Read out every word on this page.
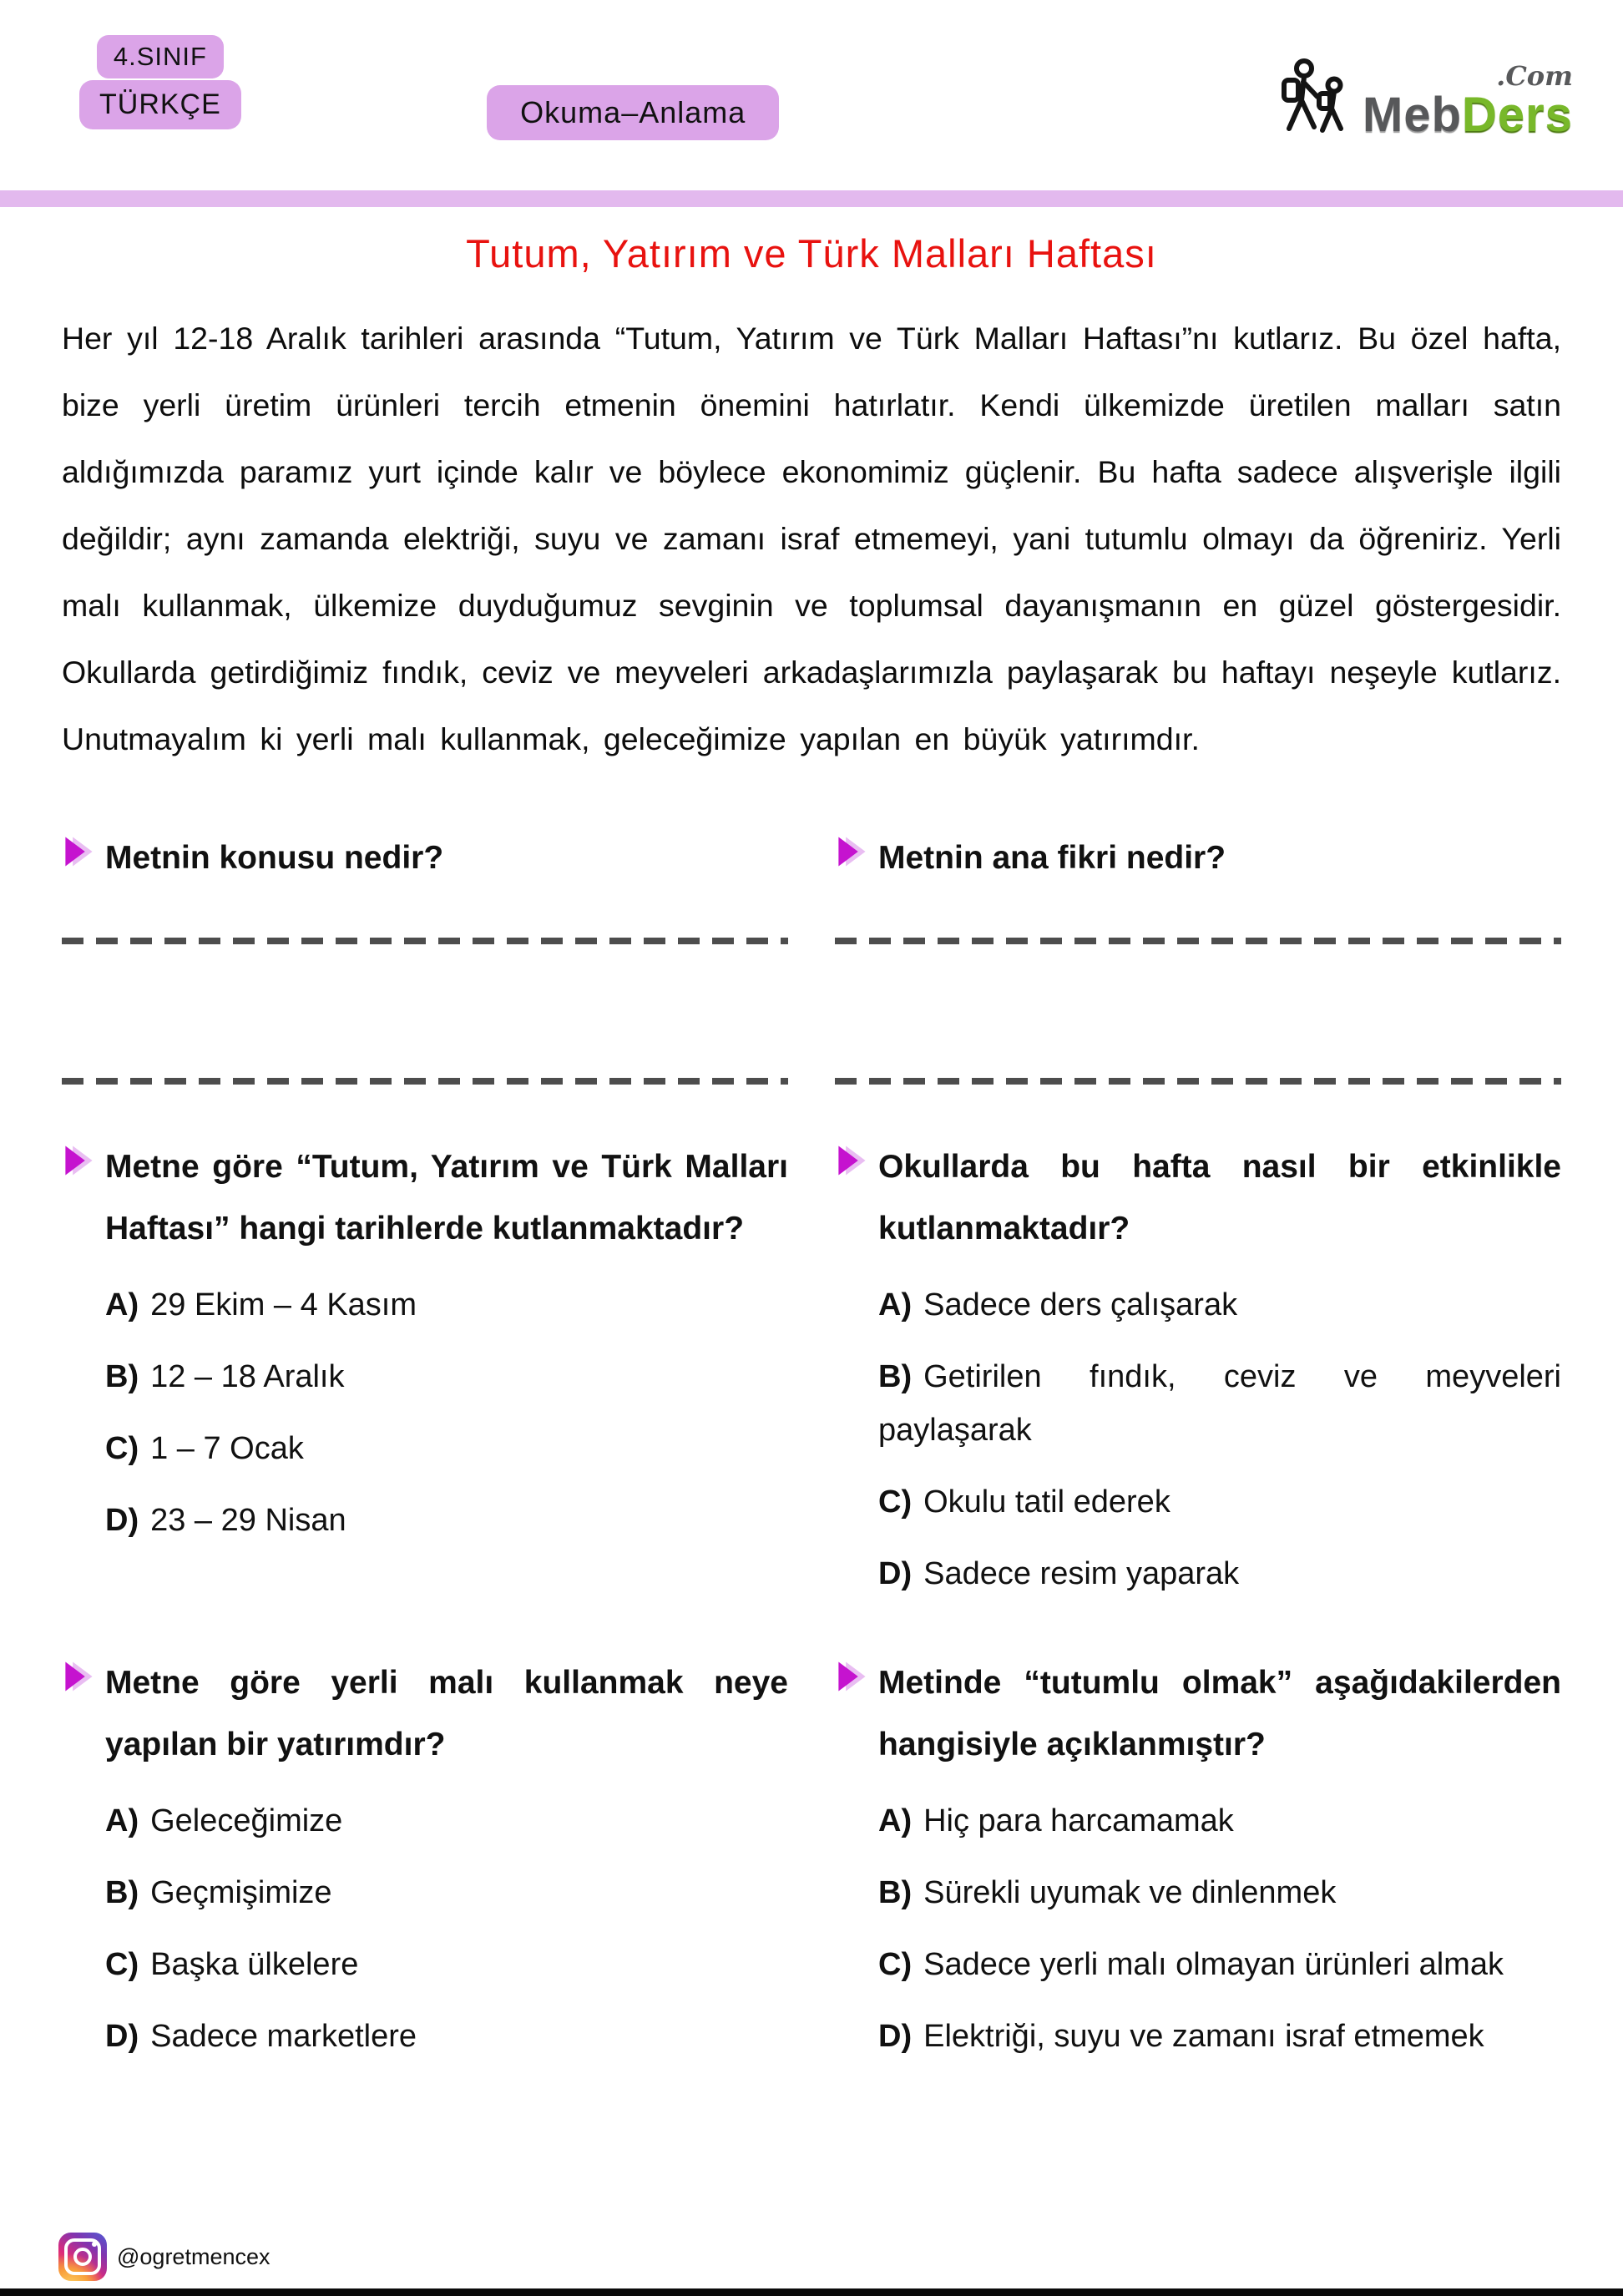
4.SINIF
TÜRKÇE	Okuma–Anlama
.Com
MebDers
Tutum, Yatırım ve Türk Malları Haftası

Her yıl 12-18 Aralık tarihleri arasında “Tutum, Yatırım ve Türk Malları Haftası”nı kutlarız. Bu özel hafta, bize yerli üretim ürünleri tercih etmenin önemini hatırlatır. Kendi ülkemizde üretilen malları satın aldığımızda paramız yurt içinde kalır ve böylece ekonomimiz güçlenir. Bu hafta sadece alışverişle ilgili değildir; aynı zamanda elektriği, suyu ve zamanı israf etmemeyi, yani tutumlu olmayı da öğreniriz. Yerli malı kullanmak, ülkemize duyduğumuz sevginin ve toplumsal dayanışmanın en güzel göstergesidir. Okullarda getirdiğimiz fındık, ceviz ve meyveleri arkadaşlarımızla paylaşarak bu haftayı neşeyle kutlarız. Unutmayalım ki yerli malı kullanmak, geleceğimize yapılan en büyük yatırımdır.

Metnin konusu nedir?	Metnin ana fikri nedir?
Metne göre “Tutum, Yatırım ve Türk Malları Haftası” hangi tarihlerde kutlanmaktadır?
A) 29 Ekim – 4 Kasım
B) 12 – 18 Aralık
C) 1 – 7 Ocak
D) 23 – 29 Nisan
Okullarda bu hafta nasıl bir etkinlikle kutlanmaktadır?
A) Sadece ders çalışarak
B) Getirilen fındık, ceviz ve meyveleri paylaşarak
C) Okulu tatil ederek
D) Sadece resim yaparak
Metne göre yerli malı kullanmak neye yapılan bir yatırımdır?
A) Geleceğimize
B) Geçmişimize
C) Başka ülkelere
D) Sadece marketlere
Metinde “tutumlu olmak” aşağıdakilerden hangisiyle açıklanmıştır?
A) Hiç para harcamamak
B) Sürekli uyumak ve dinlenmek
C) Sadece yerli malı olmayan ürünleri almak
D) Elektriği, suyu ve zamanı israf etmemek
@ogretmencex
